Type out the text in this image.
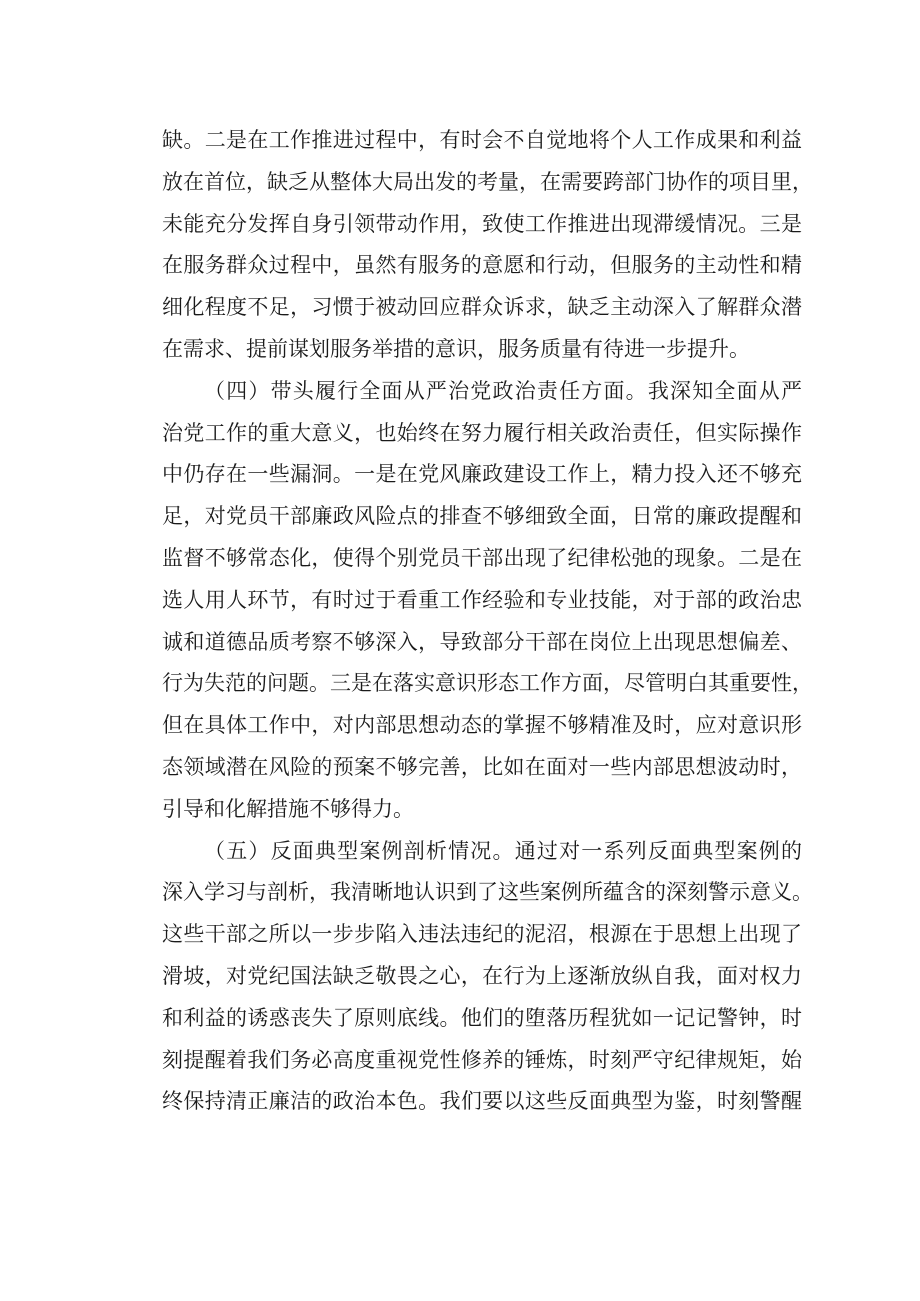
缺。二是在工作推进过程中，有时会不自觉地将个人工作成果和利益
放在首位，缺乏从整体大局出发的考量，在需要跨部门协作的项目里，
未能充分发挥自身引领带动作用，致使工作推进出现滞缓情况。三是
在服务群众过程中，虽然有服务的意愿和行动，但服务的主动性和精
细化程度不足，习惯于被动回应群众诉求，缺乏主动深入了解群众潜
在需求、提前谋划服务举措的意识，服务质量有待进一步提升。
（四）带头履行全面从严治党政治责任方面。我深知全面从严
治党工作的重大意义，也始终在努力履行相关政治责任，但实际操作
中仍存在一些漏洞。一是在党风廉政建设工作上，精力投入还不够充
足，对党员干部廉政风险点的排查不够细致全面，日常的廉政提醒和
监督不够常态化，使得个别党员干部出现了纪律松弛的现象。二是在
选人用人环节，有时过于看重工作经验和专业技能，对于部的政治忠
诚和道德品质考察不够深入，导致部分干部在岗位上出现思想偏差、
行为失范的问题。三是在落实意识形态工作方面，尽管明白其重要性，
但在具体工作中，对内部思想动态的掌握不够精准及时，应对意识形
态领域潜在风险的预案不够完善，比如在面对一些内部思想波动时，
引导和化解措施不够得力。
（五）反面典型案例剖析情况。通过对一系列反面典型案例的
深入学习与剖析，我清晰地认识到了这些案例所蕴含的深刻警示意义。
这些干部之所以一步步陷入违法违纪的泥沼，根源在于思想上出现了
滑坡，对党纪国法缺乏敬畏之心，在行为上逐渐放纵自我，面对权力
和利益的诱惑丧失了原则底线。他们的堕落历程犹如一记记警钟，时
刻提醒着我们务必高度重视党性修养的锤炼，时刻严守纪律规矩，始
终保持清正廉洁的政治本色。我们要以这些反面典型为鉴，时刻警醒
